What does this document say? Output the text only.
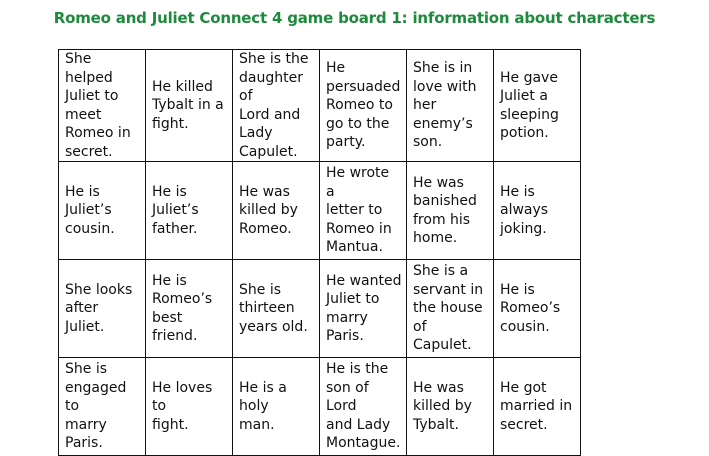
Romeo and Juliet Connect 4 game board 1: information about characters
She helped
Juliet to
meet
Romeo in
secret.	He killed
Tybalt in a
fight.	She is the
daughter of
Lord and
Lady
Capulet.	He
persuaded
Romeo to
go to the
party.	She is in
love with
her enemy’s
son.	He gave
Juliet a
sleeping
potion.

He is
Juliet’s
cousin.	He is
Juliet’s
father.	He was
killed by
Romeo.	He wrote a
letter to
Romeo in
Mantua.	He was
banished
from his
home.	He is
always
joking.

She looks
after
Juliet.	He is
Romeo’s
best friend.	She is
thirteen
years old.	He wanted
Juliet to
marry Paris.	She is a
servant in
the house
of Capulet.	He is
Romeo’s
cousin.

She is
engaged to
marry Paris.	He loves to
fight.	He is a holy
man.	He is the
son of Lord
and Lady
Montague.	He was
killed by
Tybalt.	He got
married in
secret.
